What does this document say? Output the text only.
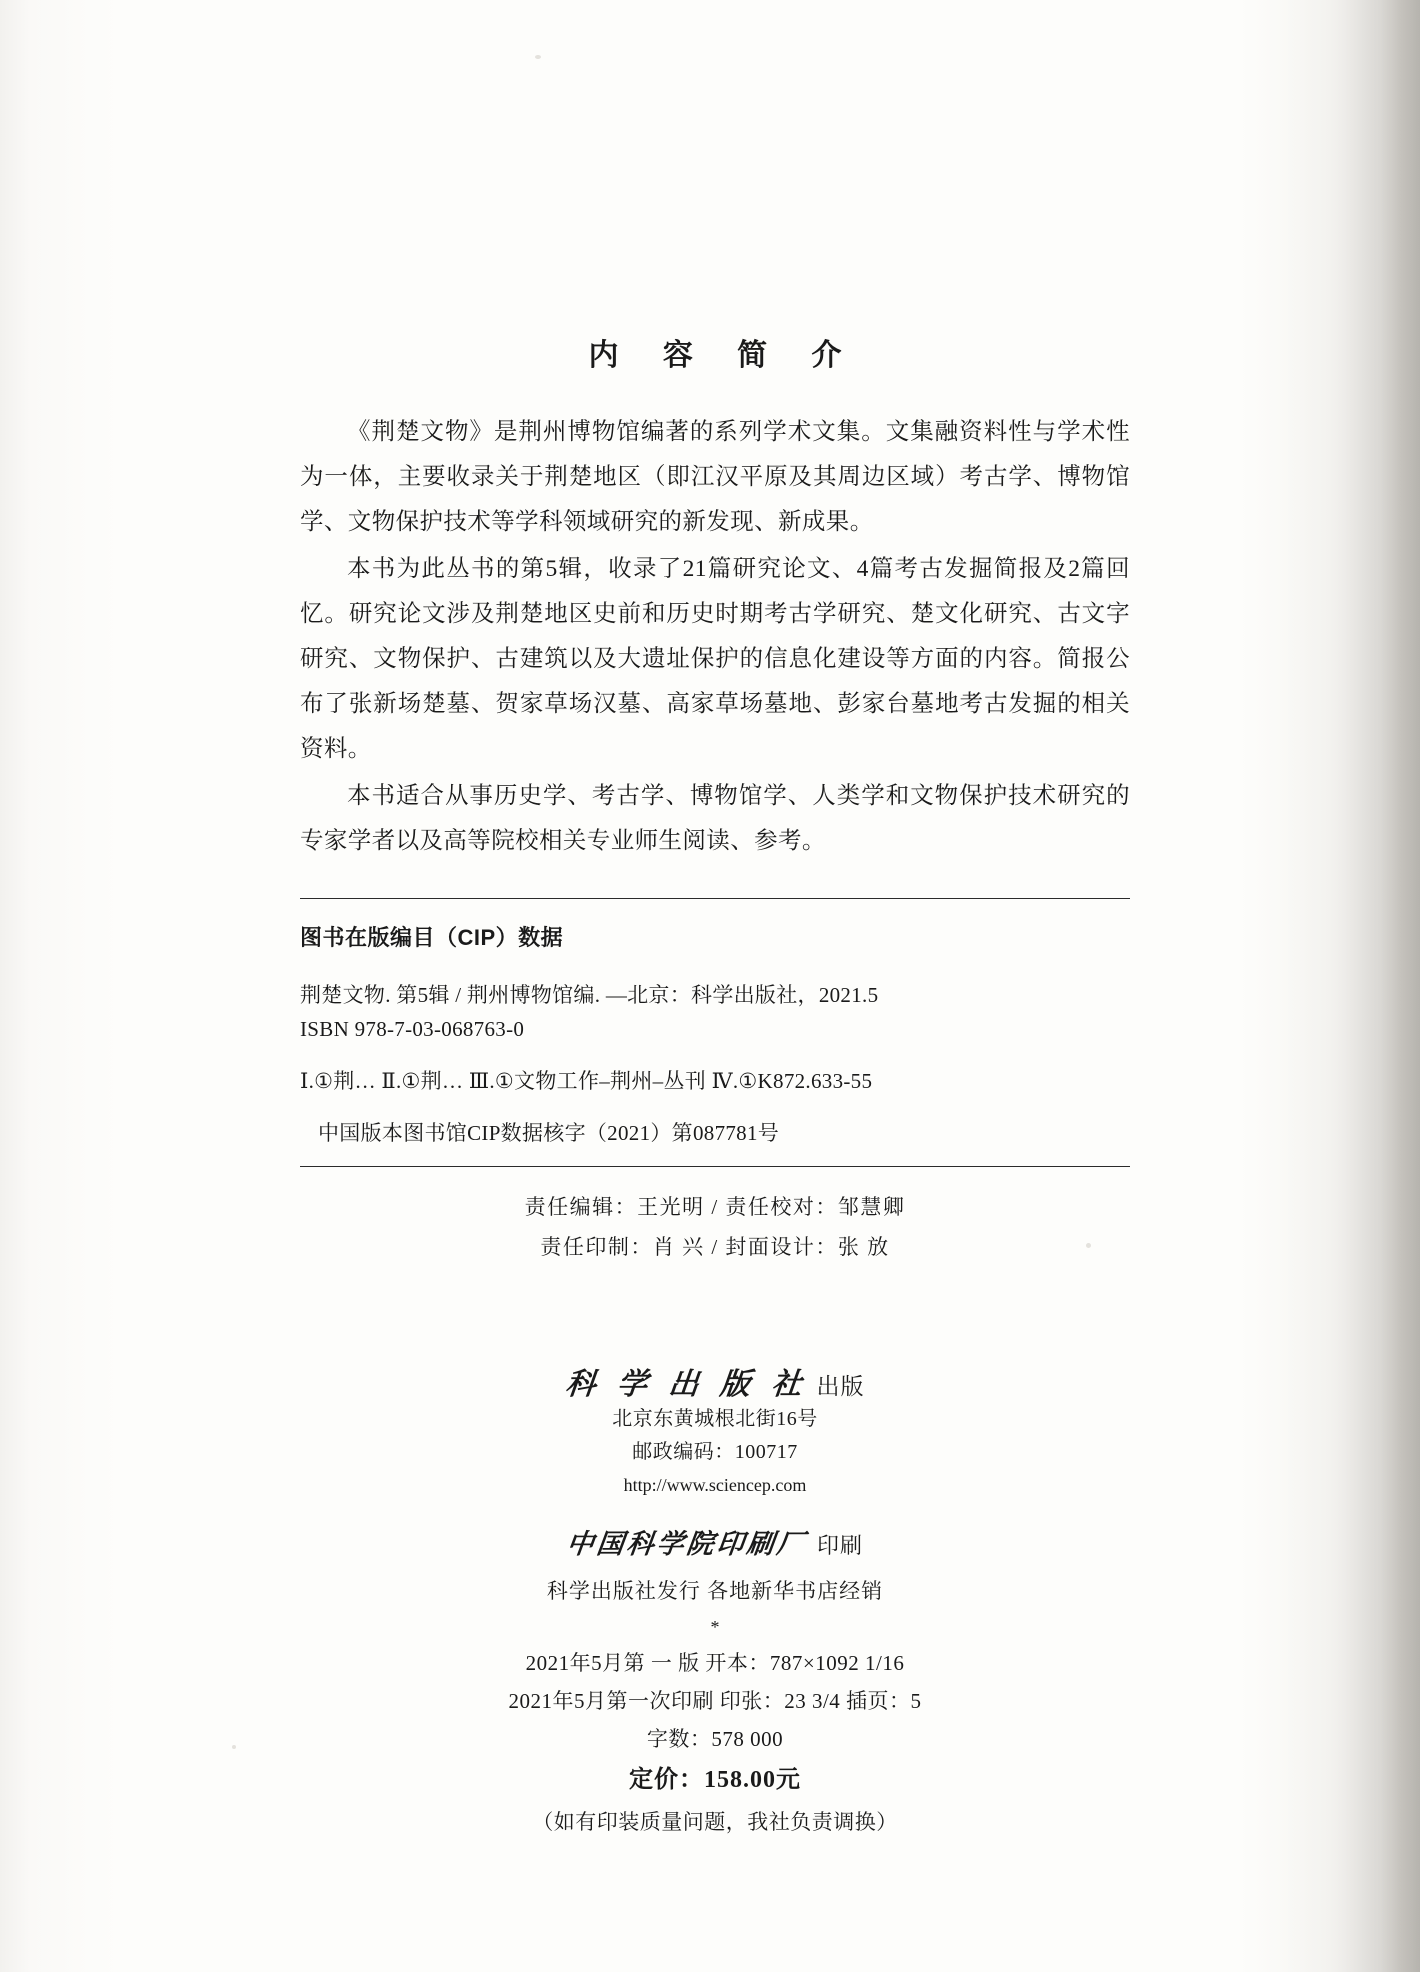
内 容 简 介

《荆楚文物》是荆州博物馆编著的系列学术文集。文集融资料性与学术性为一体，主要收录关于荆楚地区（即江汉平原及其周边区域）考古学、博物馆学、文物保护技术等学科领域研究的新发现、新成果。

本书为此丛书的第5辑，收录了21篇研究论文、4篇考古发掘简报及2篇回忆。研究论文涉及荆楚地区史前和历史时期考古学研究、楚文化研究、古文字研究、文物保护、古建筑以及大遗址保护的信息化建设等方面的内容。简报公布了张新场楚墓、贺家草场汉墓、高家草场墓地、彭家台墓地考古发掘的相关资料。

本书适合从事历史学、考古学、博物馆学、人类学和文物保护技术研究的专家学者以及高等院校相关专业师生阅读、参考。

图书在版编目（CIP）数据

荆楚文物. 第5辑 / 荆州博物馆编. —北京：科学出版社，2021.5

ISBN 978-7-03-068763-0

Ⅰ.①荆… Ⅱ.①荆… Ⅲ.①文物工作–荆州–丛刊 Ⅳ.①K872.633-55

中国版本图书馆CIP数据核字（2021）第087781号

责任编辑：王光明 / 责任校对：邹慧卿

责任印制：肖 兴 / 封面设计：张 放

科 学 出 版 社 出版
北京东黄城根北街16号
邮政编码：100717
http://www.sciencep.com
中国科学院印刷厂 印刷
科学出版社发行 各地新华书店经销
*
2021年5月第 一 版 开本：787×1092 1/16
2021年5月第一次印刷 印张：23 3/4 插页：5
字数：578 000
定价：158.00元
（如有印装质量问题，我社负责调换）
